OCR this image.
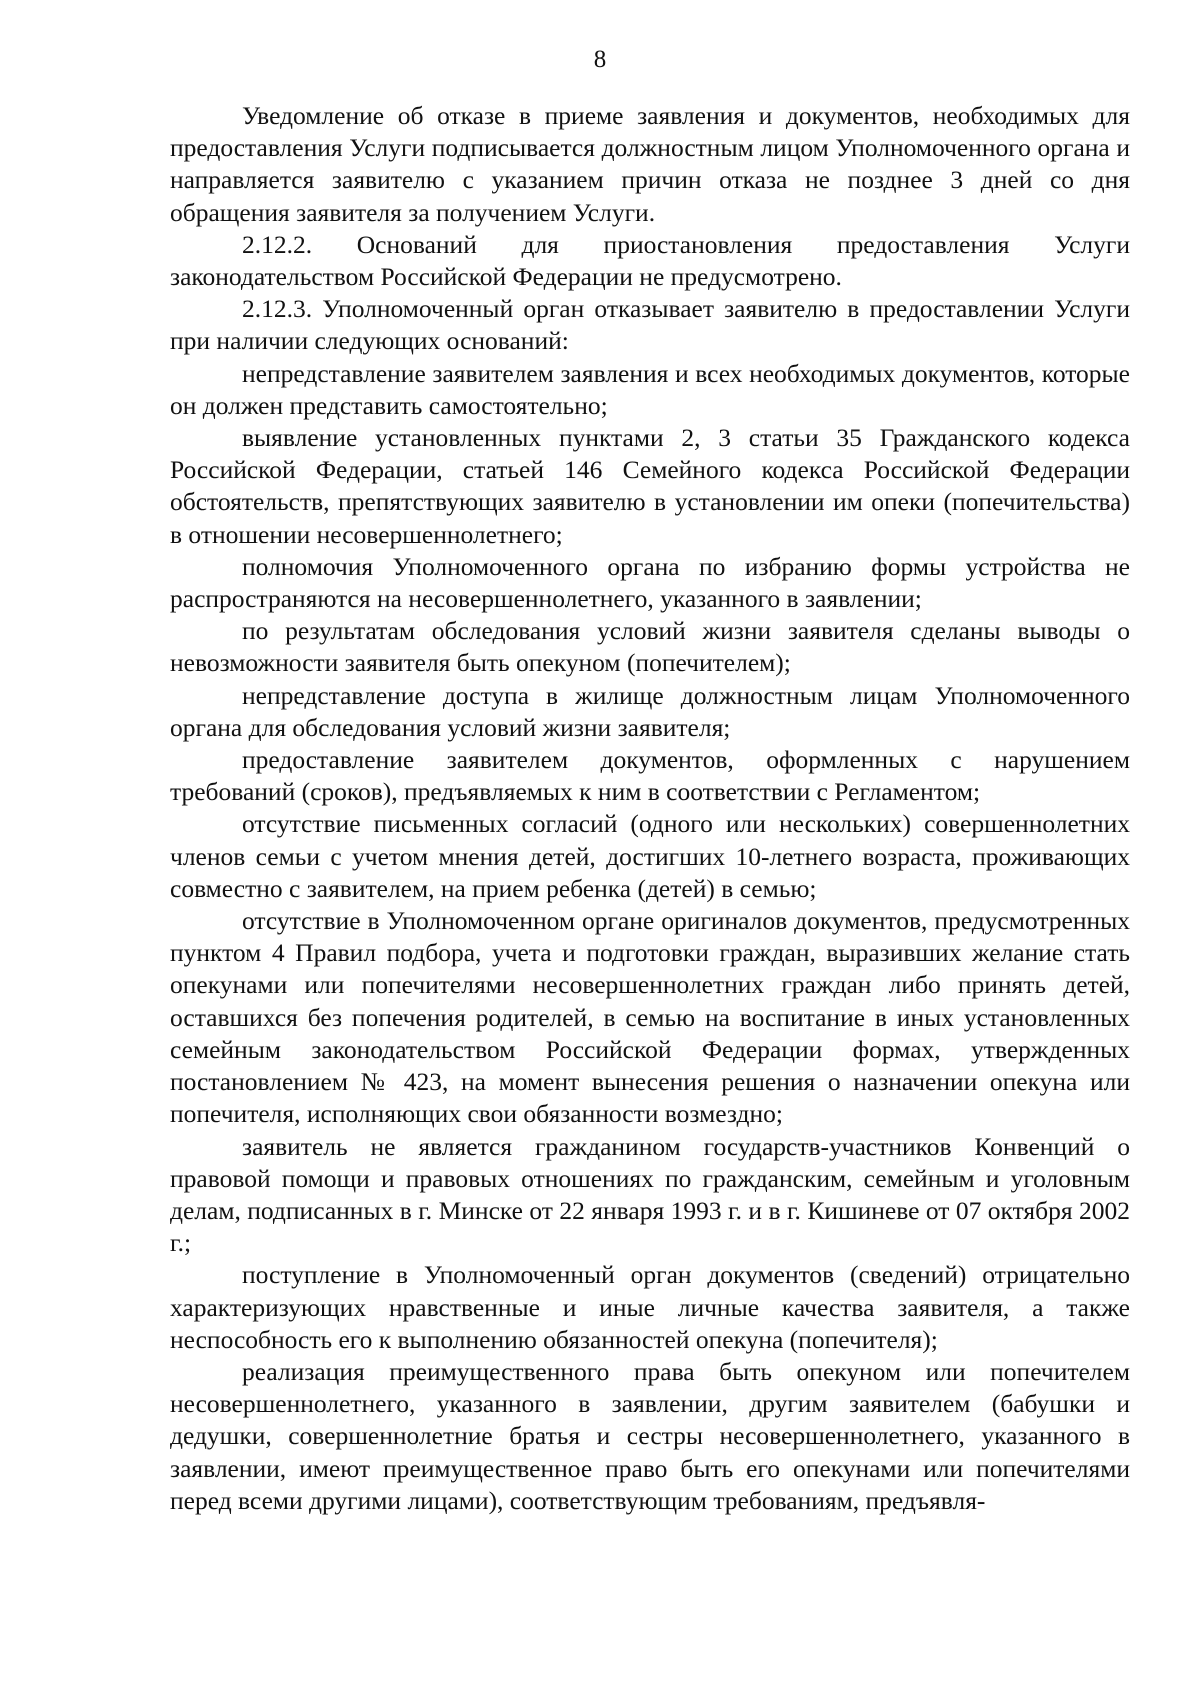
8

Уведомление об отказе в приеме заявления и документов, необходимых для предоставления Услуги подписывается должностным лицом Уполномоченного органа и направляется заявителю с указанием причин отказа не позднее 3 дней со дня обращения заявителя за получением Услуги.

2.12.2. Оснований для приостановления предоставления Услуги законодательством Российской Федерации не предусмотрено.

2.12.3. Уполномоченный орган отказывает заявителю в предоставлении Услуги при наличии следующих оснований:

непредставление заявителем заявления и всех необходимых документов, которые он должен представить самостоятельно;

выявление установленных пунктами 2, 3 статьи 35 Гражданского кодекса Российской Федерации, статьей 146 Семейного кодекса Российской Федерации обстоятельств, препятствующих заявителю в установлении им опеки (попечительства) в отношении несовершеннолетнего;

полномочия Уполномоченного органа по избранию формы устройства не распространяются на несовершеннолетнего, указанного в заявлении;

по результатам обследования условий жизни заявителя сделаны выводы о невозможности заявителя быть опекуном (попечителем);

непредставление доступа в жилище должностным лицам Уполномоченного органа для обследования условий жизни заявителя;

предоставление заявителем документов, оформленных с нарушением требований (сроков), предъявляемых к ним в соответствии с Регламентом;

отсутствие письменных согласий (одного или нескольких) совершеннолетних членов семьи с учетом мнения детей, достигших 10-летнего возраста, проживающих совместно с заявителем, на прием ребенка (детей) в семью;

отсутствие в Уполномоченном органе оригиналов документов, предусмотренных пунктом 4 Правил подбора, учета и подготовки граждан, выразивших желание стать опекунами или попечителями несовершеннолетних граждан либо принять детей, оставшихся без попечения родителей, в семью на воспитание в иных установленных семейным законодательством Российской Федерации формах, утвержденных постановлением № 423, на момент вынесения решения о назначении опекуна или попечителя, исполняющих свои обязанности возмездно;

заявитель не является гражданином государств-участников Конвенций о правовой помощи и правовых отношениях по гражданским, семейным и уголовным делам, подписанных в г. Минске от 22 января 1993 г. и в г. Кишиневе от 07 октября 2002 г.;

поступление в Уполномоченный орган документов (сведений) отрицательно характеризующих нравственные и иные личные качества заявителя, а также неспособность его к выполнению обязанностей опекуна (попечителя);

реализация преимущественного права быть опекуном или попечителем несовершеннолетнего, указанного в заявлении, другим заявителем (бабушки и дедушки, совершеннолетние братья и сестры несовершеннолетнего, указанного в заявлении, имеют преимущественное право быть его опекунами или попечителями перед всеми другими лицами), соответствующим требованиям, предъявля-
